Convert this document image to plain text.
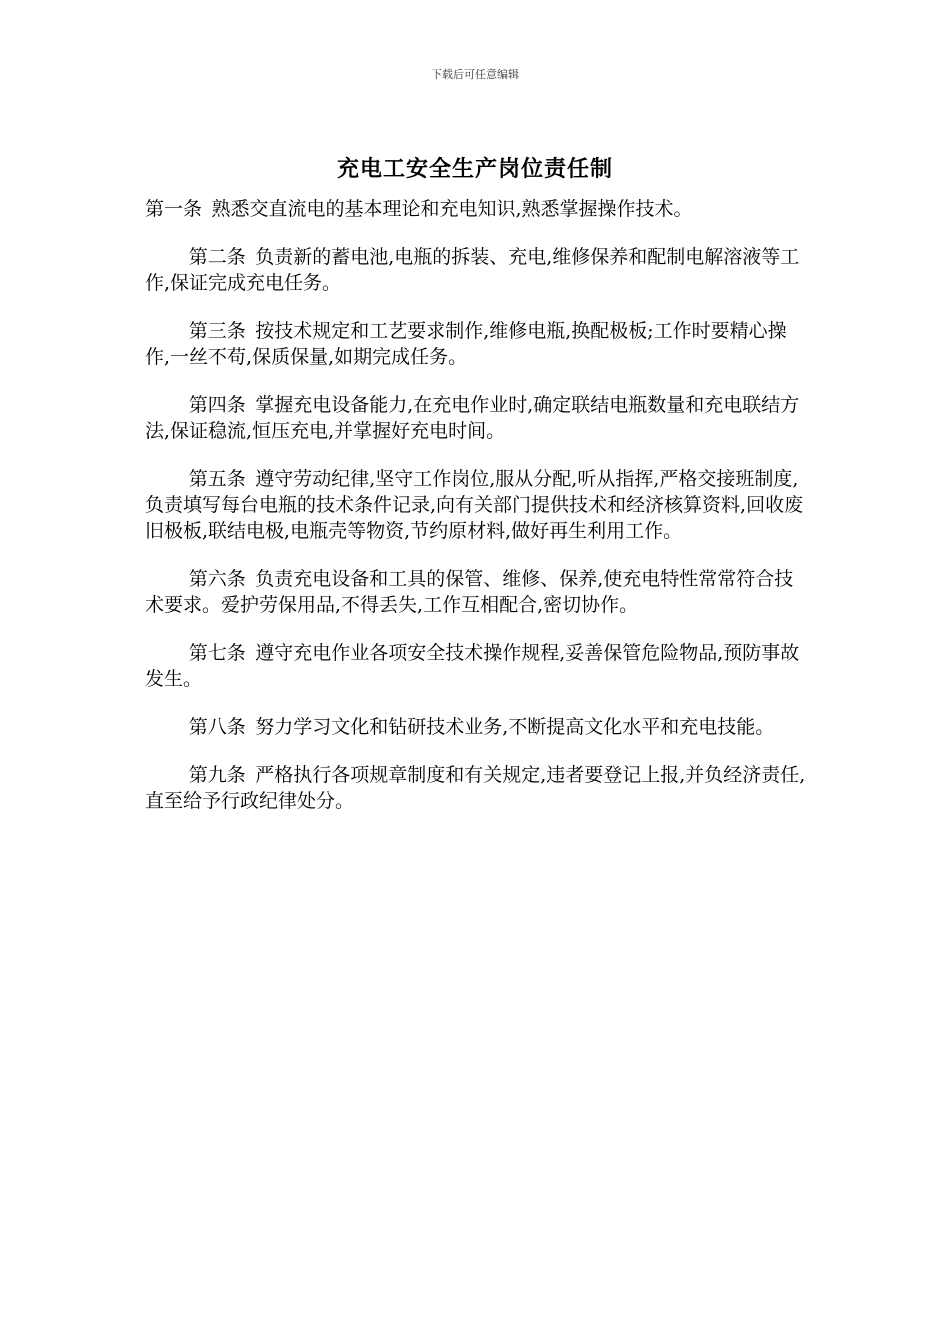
下载后可任意编辑
充电工安全生产岗位责任制

第一条 熟悉交直流电的基本理论和充电知识,熟悉掌握操作技术。

第二条 负责新的蓄电池,电瓶的拆装、充电,维修保养和配制电解溶液等工作,保证完成充电任务。

第三条 按技术规定和工艺要求制作,维修电瓶,换配极板;工作时要精心操作,一丝不苟,保质保量,如期完成任务。

第四条 掌握充电设备能力,在充电作业时,确定联结电瓶数量和充电联结方法,保证稳流,恒压充电,并掌握好充电时间。

第五条 遵守劳动纪律,坚守工作岗位,服从分配,听从指挥,严格交接班制度,负责填写每台电瓶的技术条件记录,向有关部门提供技术和经济核算资料,回收废旧极板,联结电极,电瓶壳等物资,节约原材料,做好再生利用工作。

第六条 负责充电设备和工具的保管、维修、保养,使充电特性常常符合技术要求。爱护劳保用品,不得丢失,工作互相配合,密切协作。

第七条 遵守充电作业各项安全技术操作规程,妥善保管危险物品,预防事故发生。

第八条 努力学习文化和钻研技术业务,不断提高文化水平和充电技能。

第九条 严格执行各项规章制度和有关规定,违者要登记上报,并负经济责任,直至给予行政纪律处分。
